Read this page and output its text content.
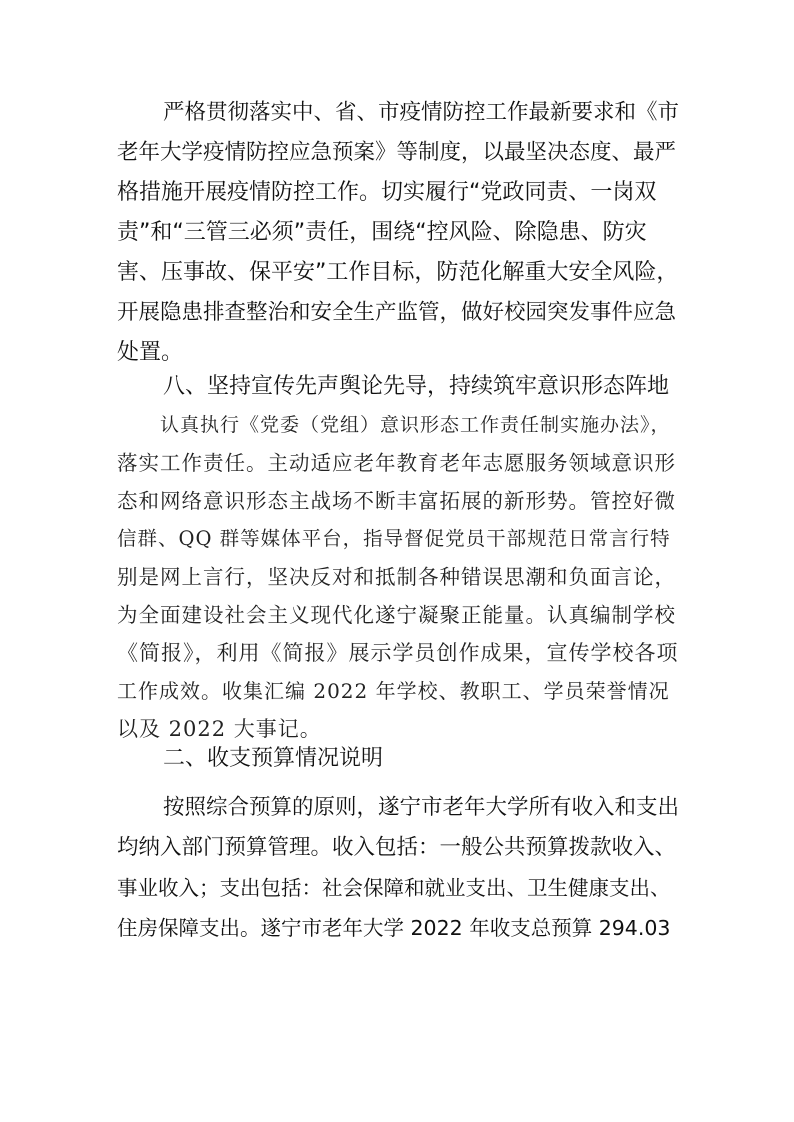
严格贯彻落实中、省、市疫情防控工作最新要求和《市
老年大学疫情防控应急预案》等制度，以最坚决态度、最严
格措施开展疫情防控工作。切实履行“党政同责、一岗双
责”和“三管三必须”责任，围绕“控风险、除隐患、防灾
害、压事故、保平安”工作目标，防范化解重大安全风险，
开展隐患排查整治和安全生产监管，做好校园突发事件应急
处置。
八、坚持宣传先声舆论先导，持续筑牢意识形态阵地
认真执行《党委（党组）意识形态工作责任制实施办法》，
落实工作责任。主动适应老年教育老年志愿服务领域意识形
态和网络意识形态主战场不断丰富拓展的新形势。管控好微
信群、QQ 群等媒体平台，指导督促党员干部规范日常言行特
别是网上言行，坚决反对和抵制各种错误思潮和负面言论，
为全面建设社会主义现代化遂宁凝聚正能量。认真编制学校
《简报》，利用《简报》展示学员创作成果，宣传学校各项
工作成效。收集汇编 2022 年学校、教职工、学员荣誉情况
以及 2022 大事记。
二、收支预算情况说明
按照综合预算的原则，遂宁市老年大学所有收入和支出
均纳入部门预算管理。收入包括：一般公共预算拨款收入、
事业收入；支出包括：社会保障和就业支出、卫生健康支出、
住房保障支出。遂宁市老年大学 2022 年收支总预算 294.03
